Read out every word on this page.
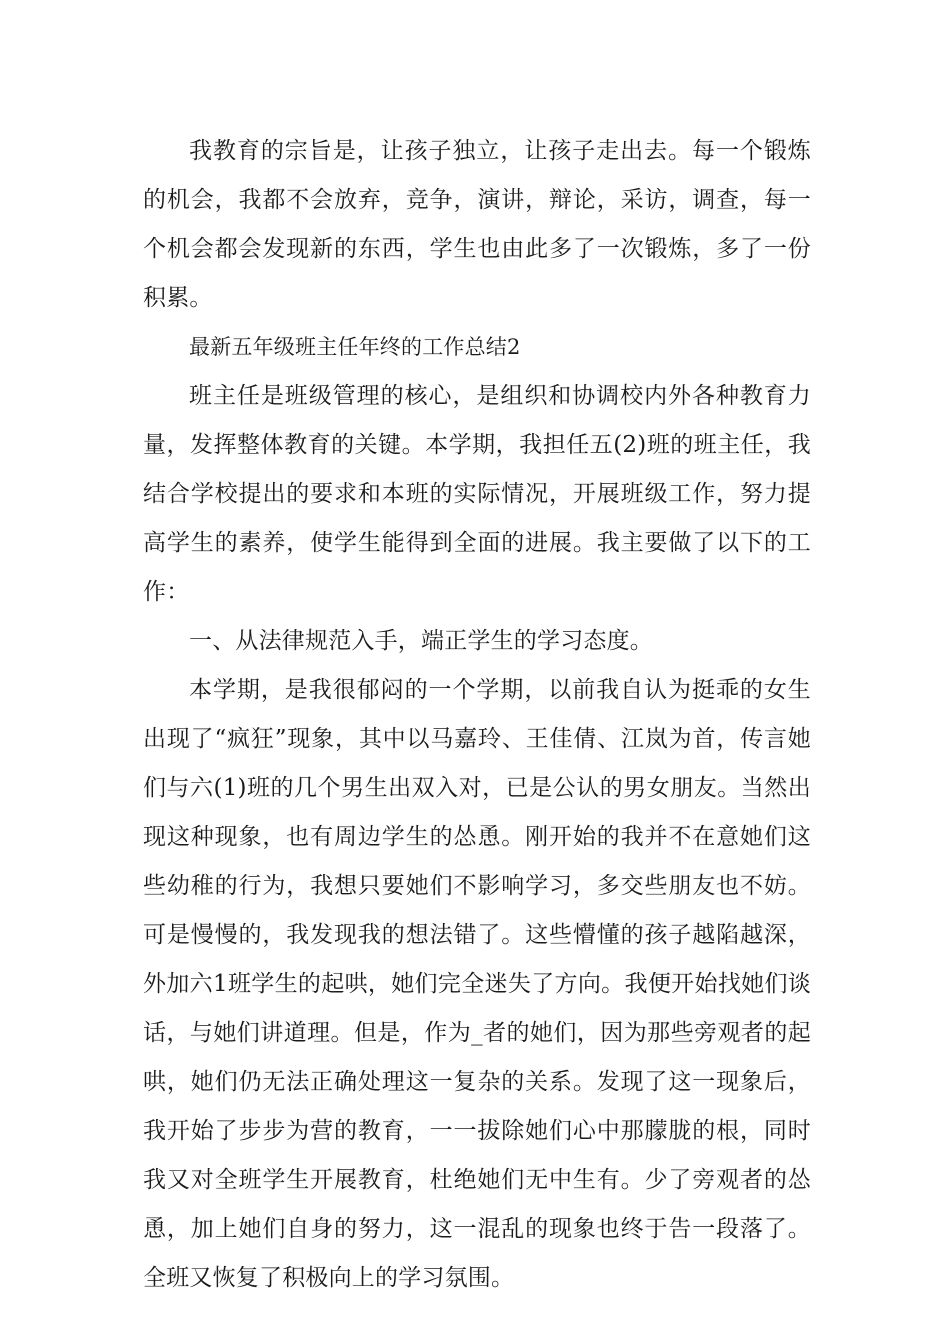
我教育的宗旨是，让孩子独立，让孩子走出去。每一个锻炼的机会，我都不会放弃，竞争，演讲，辩论，采访，调查，每一个机会都会发现新的东西，学生也由此多了一次锻炼，多了一份积累。

最新五年级班主任年终的工作总结2

班主任是班级管理的核心，是组织和协调校内外各种教育力量，发挥整体教育的关键。本学期，我担任五(2)班的班主任，我结合学校提出的要求和本班的实际情况，开展班级工作，努力提高学生的素养，使学生能得到全面的进展。我主要做了以下的工作：

一、从法律规范入手，端正学生的学习态度。

本学期，是我很郁闷的一个学期，以前我自认为挺乖的女生出现了“疯狂”现象，其中以马嘉玲、王佳倩、江岚为首，传言她们与六(1)班的几个男生出双入对，已是公认的男女朋友。当然出现这种现象，也有周边学生的怂恿。刚开始的我并不在意她们这些幼稚的行为，我想只要她们不影响学习，多交些朋友也不妨。可是慢慢的，我发现我的想法错了。这些懵懂的孩子越陷越深，外加六1班学生的起哄，她们完全迷失了方向。我便开始找她们谈话，与她们讲道理。但是，作为_者的她们，因为那些旁观者的起哄，她们仍无法正确处理这一复杂的关系。发现了这一现象后，我开始了步步为营的教育，一一拔除她们心中那朦胧的根，同时我又对全班学生开展教育，杜绝她们无中生有。少了旁观者的怂恿，加上她们自身的努力，这一混乱的现象也终于告一段落了。全班又恢复了积极向上的学习氛围。
